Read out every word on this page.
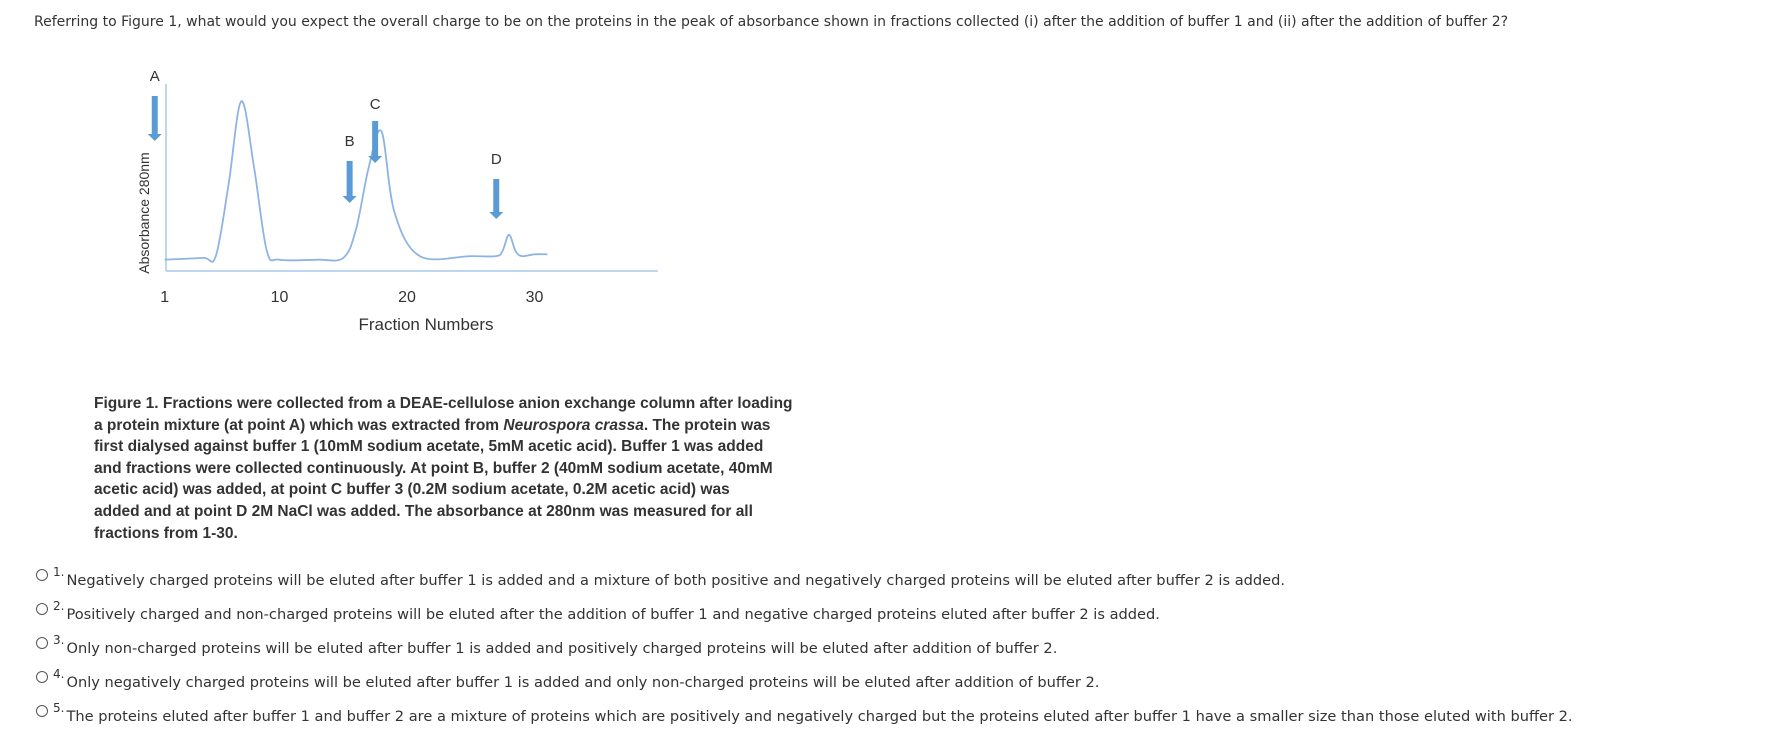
Referring to Figure 1, what would you expect the overall charge to be on the proteins in the peak of absorbance shown in fractions collected (i) after the addition of buffer 1 and (ii) after the addition of buffer 2?
Absorbance 280nm
A
B
C
D
1	10	20	30
Fraction Numbers

Figure 1. Fractions were collected from a DEAE-cellulose anion exchange column after loading

a protein mixture (at point A) which was extracted from Neurospora crassa. The protein was

first dialysed against buffer 1 (10mM sodium acetate, 5mM acetic acid). Buffer 1 was added

and fractions were collected continuously. At point B, buffer 2 (40mM sodium acetate, 40mM

acetic acid) was added, at point C buffer 3 (0.2M sodium acetate, 0.2M acetic acid) was

added and at point D 2M NaCl was added. The absorbance at 280nm was measured for all

fractions from 1-30.

1. Negatively charged proteins will be eluted after buffer 1 is added and a mixture of both positive and negatively charged proteins will be eluted after buffer 2 is added.
2. Positively charged and non-charged proteins will be eluted after the addition of buffer 1 and negative charged proteins eluted after buffer 2 is added.
3. Only non-charged proteins will be eluted after buffer 1 is added and positively charged proteins will be eluted after addition of buffer 2.
4. Only negatively charged proteins will be eluted after buffer 1 is added and only non-charged proteins will be eluted after addition of buffer 2.
5. The proteins eluted after buffer 1 and buffer 2 are a mixture of proteins which are positively and negatively charged but the proteins eluted after buffer 1 have a smaller size than those eluted with buffer 2.
